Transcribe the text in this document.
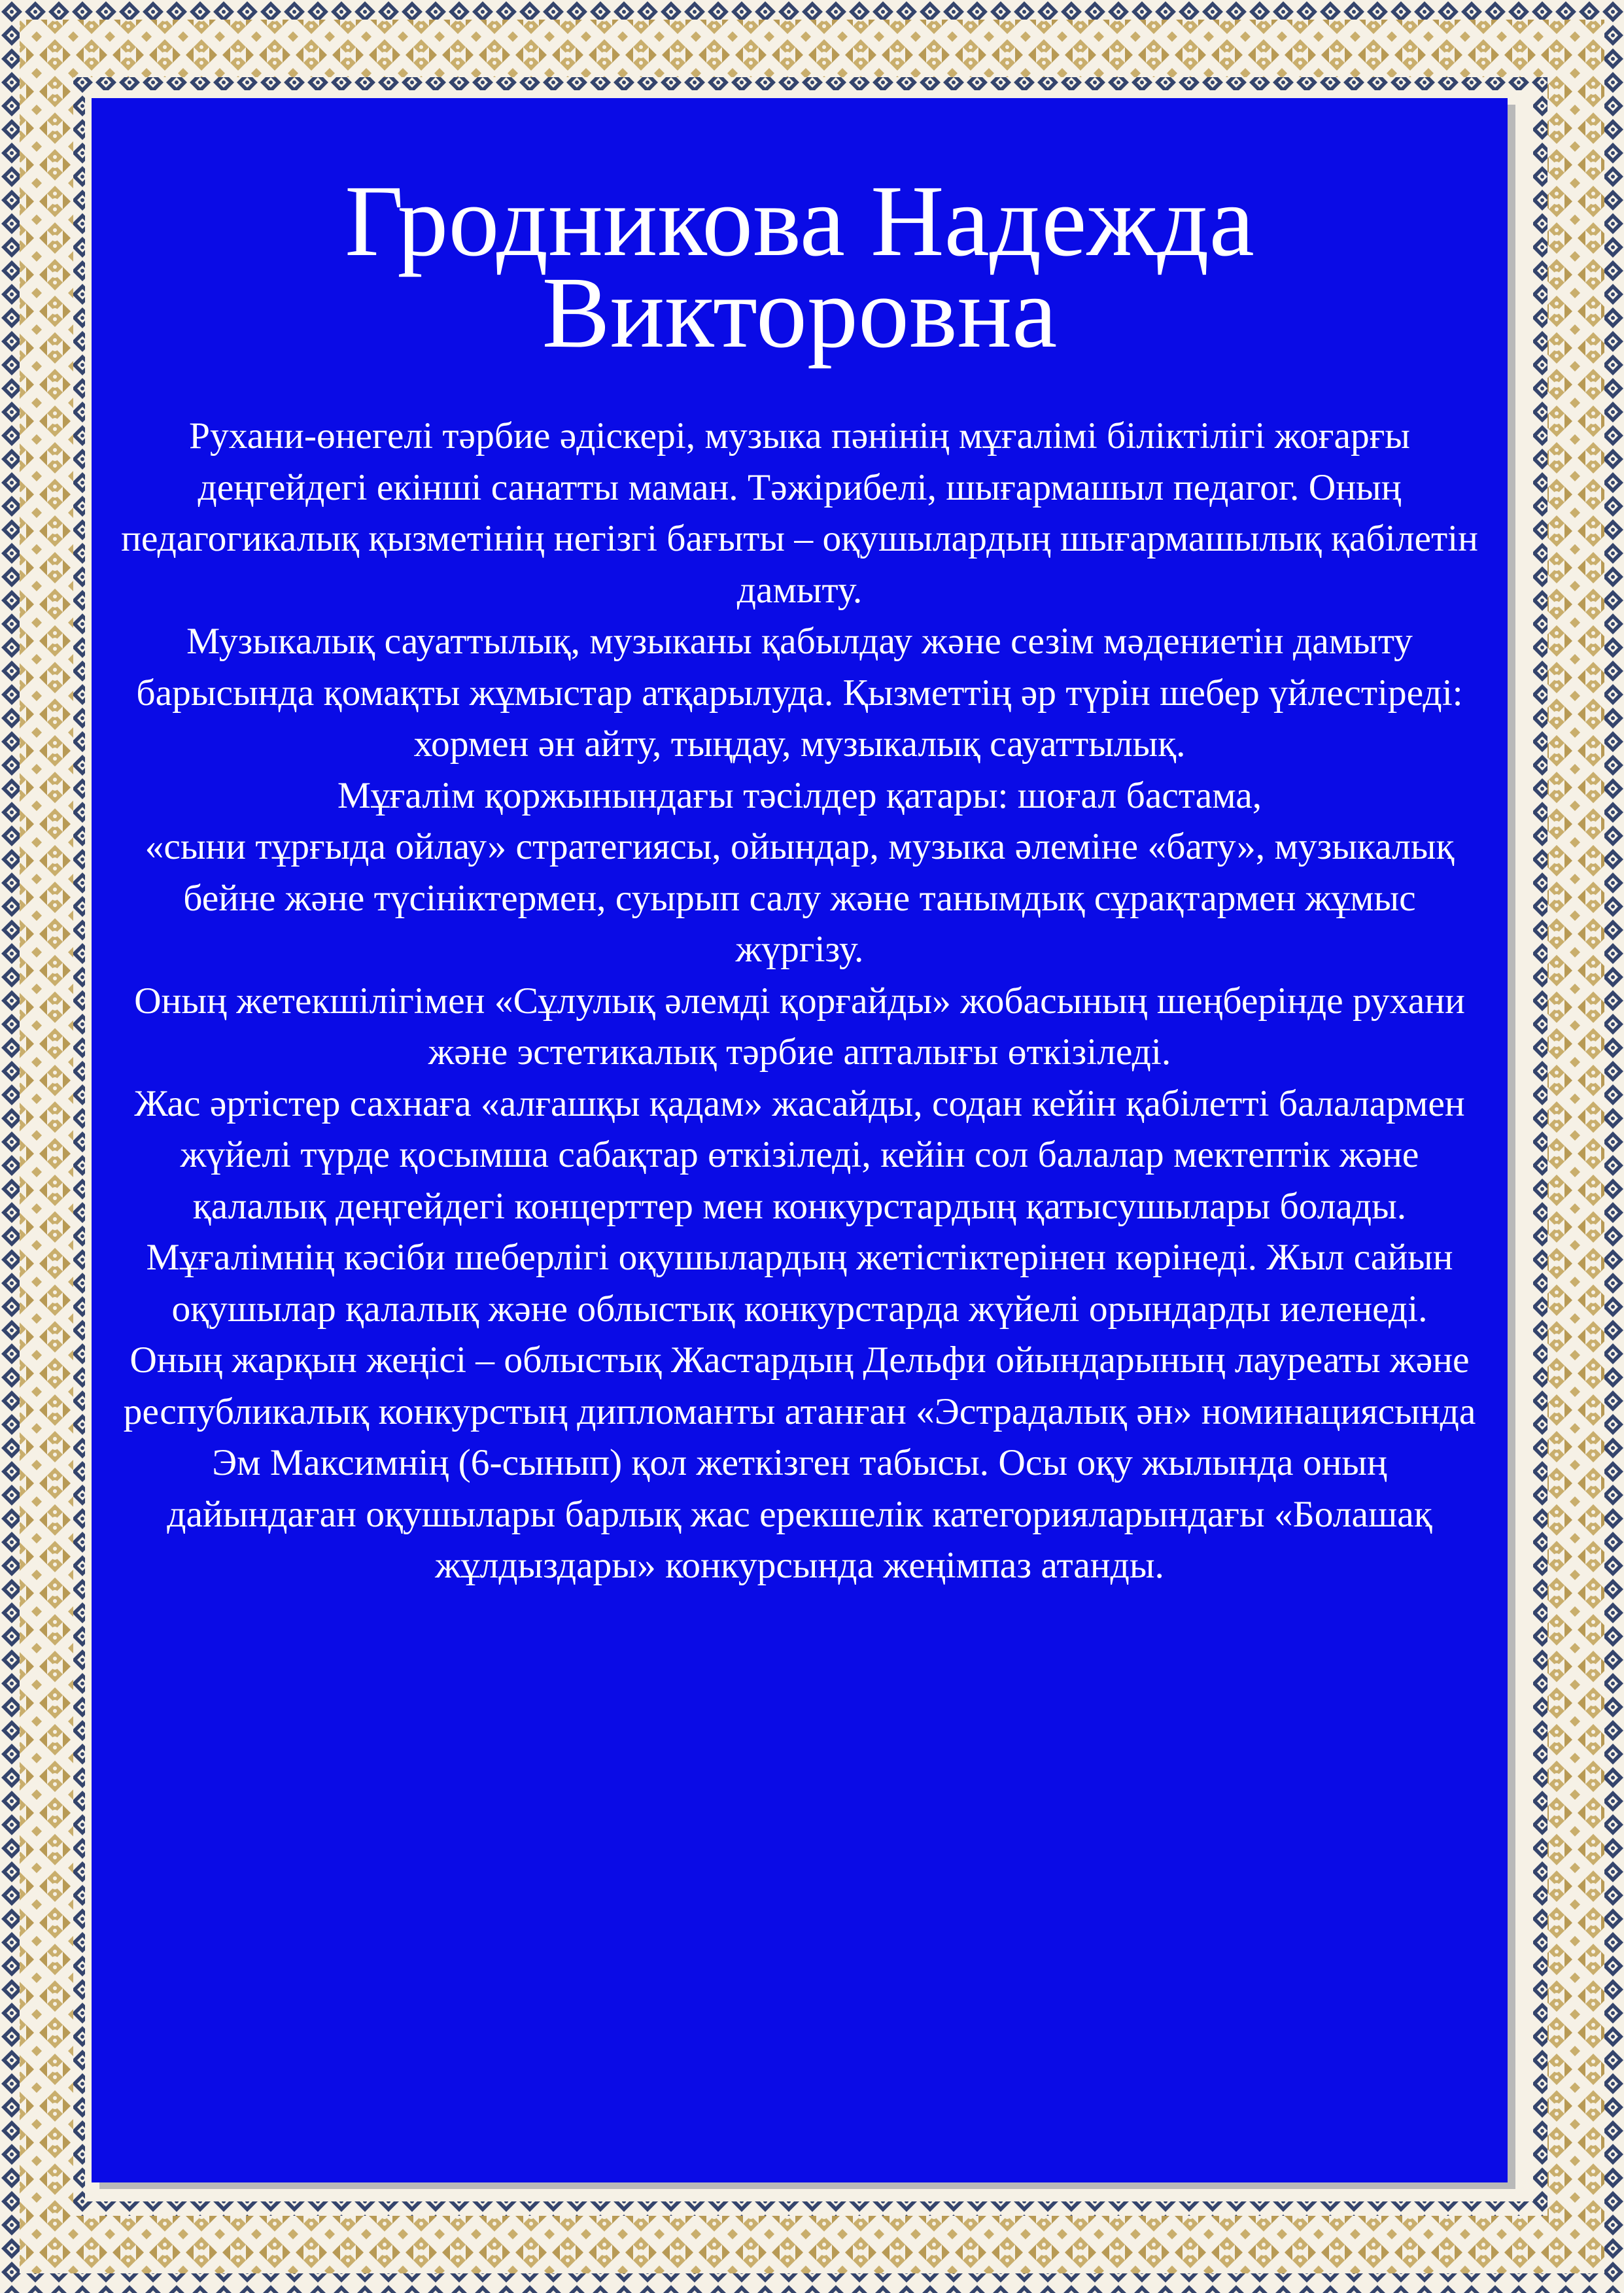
Гродникова Надежда Викторовна

Рухани-өнегелі тәрбие әдіскері, музыка пәнінің мұғалімі біліктілігі жоғарғы деңгейдегі екінші санатты маман. Тәжірибелі, шығармашыл педагог. Оның педагогикалық қызметінің негізгі бағыты – оқушылардың шығармашылық қабілетін дамыту.

Музыкалық сауаттылық, музыканы қабылдау және сезім мәдениетін дамыту барысында қомақты жұмыстар атқарылуда. Қызметтің әр түрін шебер үйлестіреді: хормен ән айту, тыңдау, музыкалық сауаттылық.

Мұғалім қоржынындағы тәсілдер қатары: шоғал бастама,

«сыни тұрғыда ойлау» стратегиясы, ойындар, музыка әлеміне «бату», музыкалық бейне және түсініктермен, суырып салу және танымдық сұрақтармен жұмыс жүргізу.

Оның жетекшілігімен «Сұлулық әлемді қорғайды» жобасының шеңберінде рухани және эстетикалық тәрбие апталығы өткізіледі.

Жас әртістер сахнаға «алғашқы қадам» жасайды, содан кейін қабілетті балалармен жүйелі түрде қосымша сабақтар өткізіледі, кейін сол балалар мектептік және қалалық деңгейдегі концерттер мен конкурстардың қатысушылары болады. Мұғалімнің кәсіби шеберлігі оқушылардың жетістіктерінен көрінеді. Жыл сайын оқушылар қалалық және облыстық конкурстарда жүйелі орындарды иеленеді.

Оның жарқын жеңісі – облыстық Жастардың Дельфи ойындарының лауреаты және республикалық конкурстың дипломанты атанған «Эстрадалық ән» номинациясында Эм Максимнің (6-сынып) қол жеткізген табысы. Осы оқу жылында оның дайындаған оқушылары барлық жас ерекшелік категорияларындағы «Болашақ жұлдыздары» конкурсында жеңімпаз атанды.
